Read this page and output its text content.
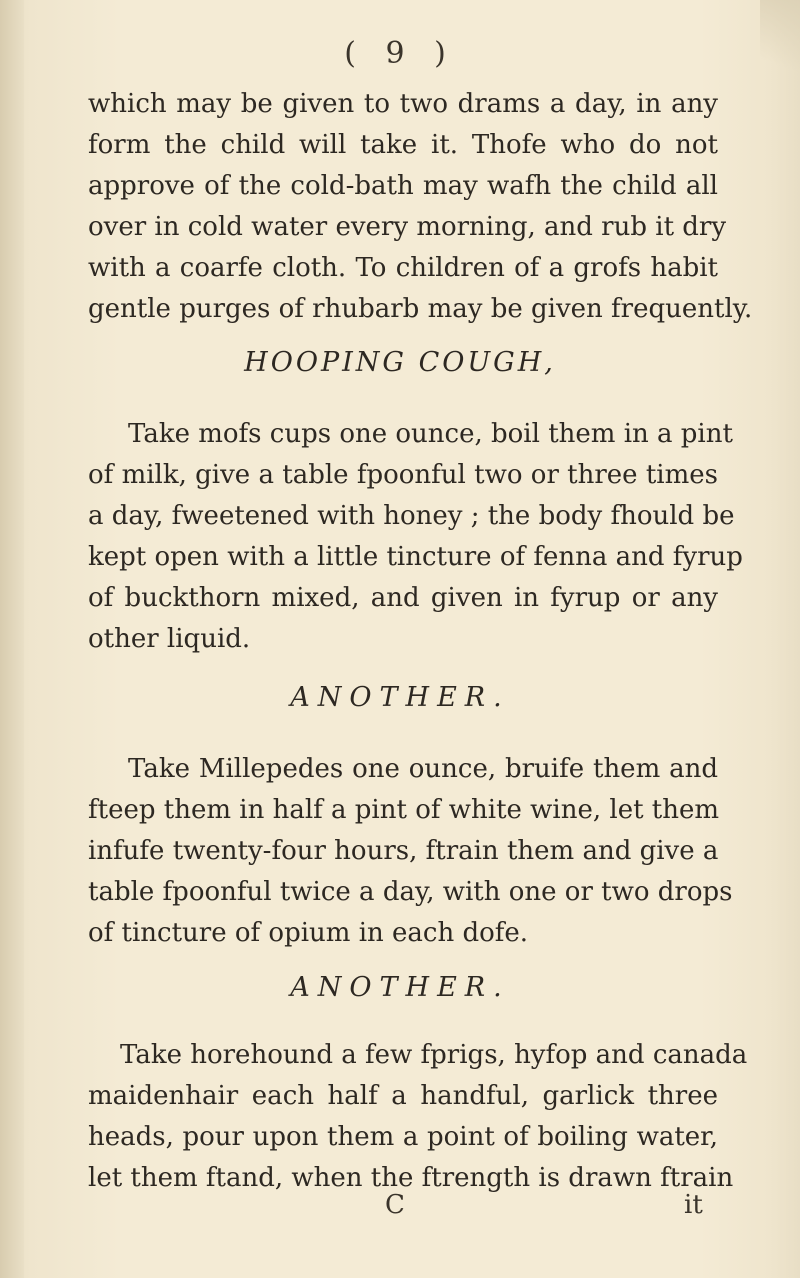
( 9 )
which may be given to two drams a day, in any
form the child will take it. Thofe who do not
approve of the cold-bath may wafh the child all
over in cold water every morning, and rub it dry
with a coarfe cloth. To children of a grofs habit
gentle purges of rhubarb may be given frequently.
HOOPING COUGH,
Take mofs cups one ounce, boil them in a pint
of milk, give a table fpoonful two or three times
a day, fweetened with honey ; the body fhould be
kept open with a little tincture of fenna and fyrup
of buckthorn mixed, and given in fyrup or any
other liquid.
ANOTHER.
Take Millepedes one ounce, bruife them and
fteep them in half a pint of white wine, let them
infufe twenty-four hours, ftrain them and give a
table fpoonful twice a day, with one or two drops
of tincture of opium in each dofe.
ANOTHER.
Take horehound a few fprigs, hyfop and canada
maidenhair each half a handful, garlick three
heads, pour upon them a point of boiling water,
let them ftand, when the ftrength is drawn ftrain
C	it
